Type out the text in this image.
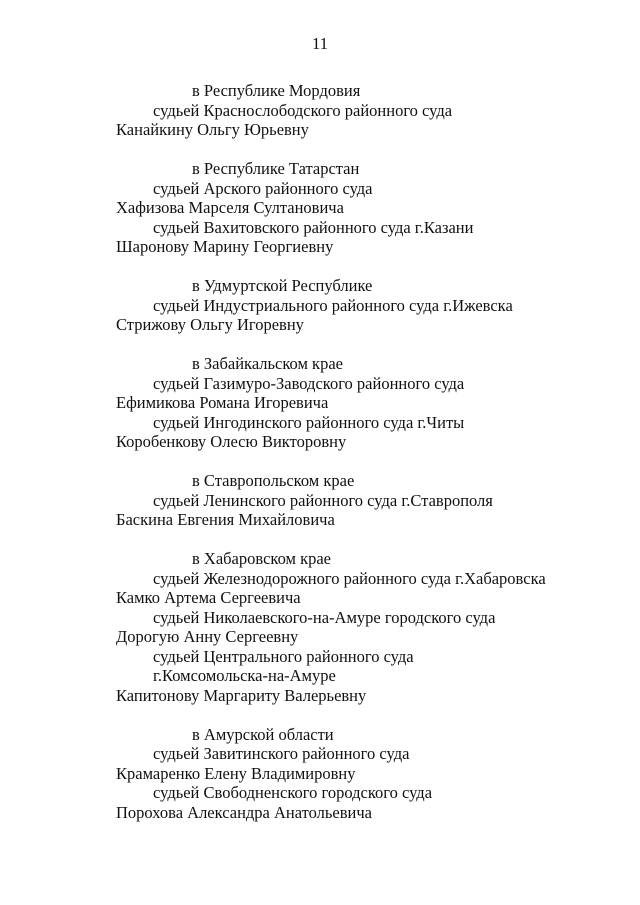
11
в Республике Мордовия
судьей Краснослободского районного суда
Канайкину Ольгу Юрьевну
в Республике Татарстан
судьей Арского районного суда
Хафизова Марселя Султановича
судьей Вахитовского районного суда г.Казани
Шаронову Марину Георгиевну
в Удмуртской Республике
судьей Индустриального районного суда г.Ижевска
Стрижову Ольгу Игоревну
в Забайкальском крае
судьей Газимуро-Заводского районного суда
Ефимикова Романа Игоревича
судьей Ингодинского районного суда г.Читы
Коробенкову Олесю Викторовну
в Ставропольском крае
судьей Ленинского районного суда г.Ставрополя
Баскина Евгения Михайловича
в Хабаровском крае
судьей Железнодорожного районного суда г.Хабаровска
Камко Артема Сергеевича
судьей Николаевского-на-Амуре городского суда
Дорогую Анну Сергеевну
судьей Центрального районного суда
г.Комсомольска-на-Амуре
Капитонову Маргариту Валерьевну
в Амурской области
судьей Завитинского районного суда
Крамаренко Елену Владимировну
судьей Свободненского городского суда
Порохова Александра Анатольевича
